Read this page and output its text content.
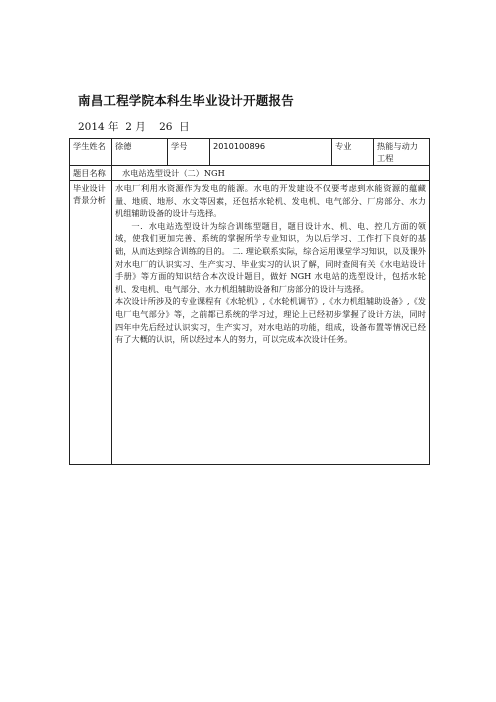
南昌工程学院本科生毕业设计开题报告
2014 年  2 月    26  日
学生姓名	徐德	学号	2010100896	专业	热能与动力工程
题目名称	水电站选型设计（二）NGH				
毕业设计背景分析	水电厂利用水资源作为发电的能源。水电的开发建设不仅要考虑到水能资源的蕴藏量、地质、地形、水文等因素，还包括水轮机、发电机、电气部分、厂房部分、水力机组辅助设备的设计与选择。

一．水电站选型设计为综合训练型题目，题目设计水、机、电、控几方面的领域，使我们更加完善、系统的掌握所学专业知识，为以后学习、工作打下良好的基础，从而达到综合训练的目的。 二. 理论联系实际，综合运用课堂学习知识，以及课外对水电厂的认识实习、生产实习、毕业实习的认识了解，同时查阅有关《水电站设计手册》等方面的知识结合本次设计题目，做好 NGH 水电站的选型设计，包括水轮机、发电机、电气部分、水力机组辅助设备和厂房部分的设计与选择。

本次设计所涉及的专业课程有《水轮机》,《水轮机调节》,《水力机组辅助设备》,《发电厂电气部分》等，之前都已系统的学习过，理论上已经初步掌握了设计方法，同时四年中先后经过认识实习，生产实习，对水电站的功能，组成，设备布置等情况已经有了大概的认识，所以经过本人的努力，可以完成本次设计任务。				
